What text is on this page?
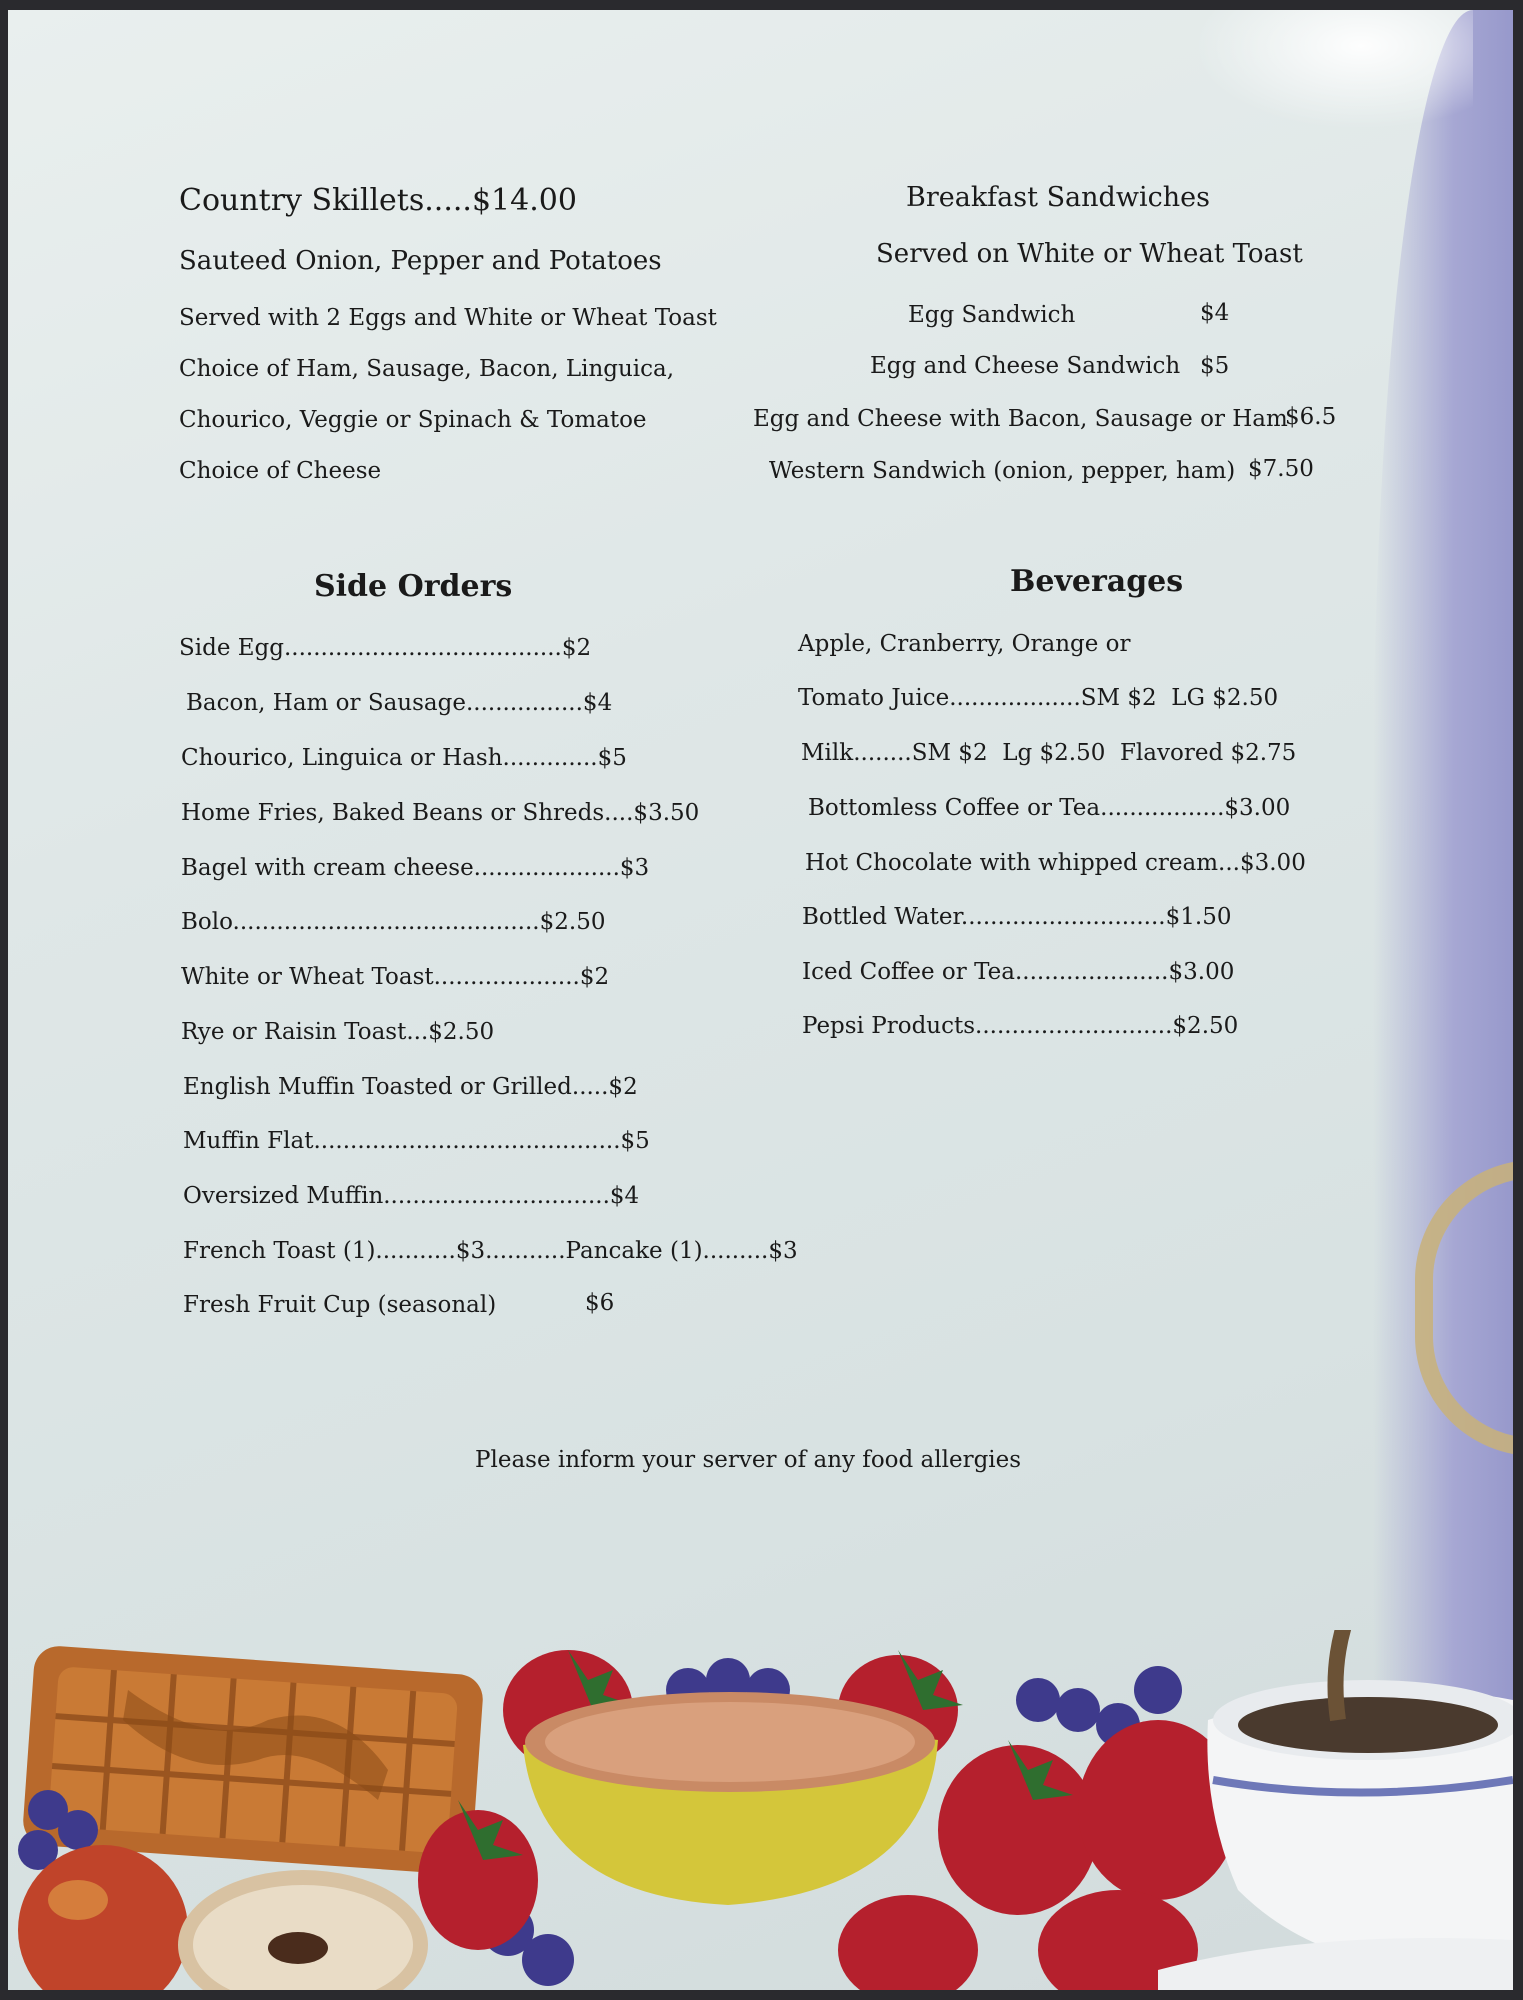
Country Skillets.....$14.00
Sauteed Onion, Pepper and Potatoes
Served with 2 Eggs and White or Wheat Toast
Choice of Ham, Sausage, Bacon, Linguica,
Chourico, Veggie or Spinach & Tomatoe
Choice of Cheese
Breakfast Sandwiches
Served on White or Wheat Toast
Egg Sandwich	$4
Egg and Cheese Sandwich $5
Egg and Cheese with Bacon, Sausage or Ham
$6.5
Western Sandwich (onion, pepper, ham) $7.50
Side Orders
Side Egg......................................$2
Bacon, Ham or Sausage................$4
Chourico, Linguica or Hash.............$5
Home Fries, Baked Beans or Shreds....$3.50
Bagel with cream cheese....................$3
Bolo..........................................$2.50
White or Wheat Toast....................$2
Rye or Raisin Toast...$2.50
English Muffin Toasted or Grilled.....$2
Muffin Flat..........................................$5
Oversized Muffin...............................$4
French Toast (1)...........$3...........Pancake (1).........$3
Fresh Fruit Cup (seasonal)	$6
Beverages
Apple, Cranberry, Orange or
Tomato Juice..................SM $2  LG $2.50
Milk........SM $2  Lg $2.50  Flavored $2.75
Bottomless Coffee or Tea.................$3.00
Hot Chocolate with whipped cream...$3.00
Bottled Water............................$1.50
Iced Coffee or Tea.....................$3.00
Pepsi Products...........................$2.50
Please inform your server of any food allergies
